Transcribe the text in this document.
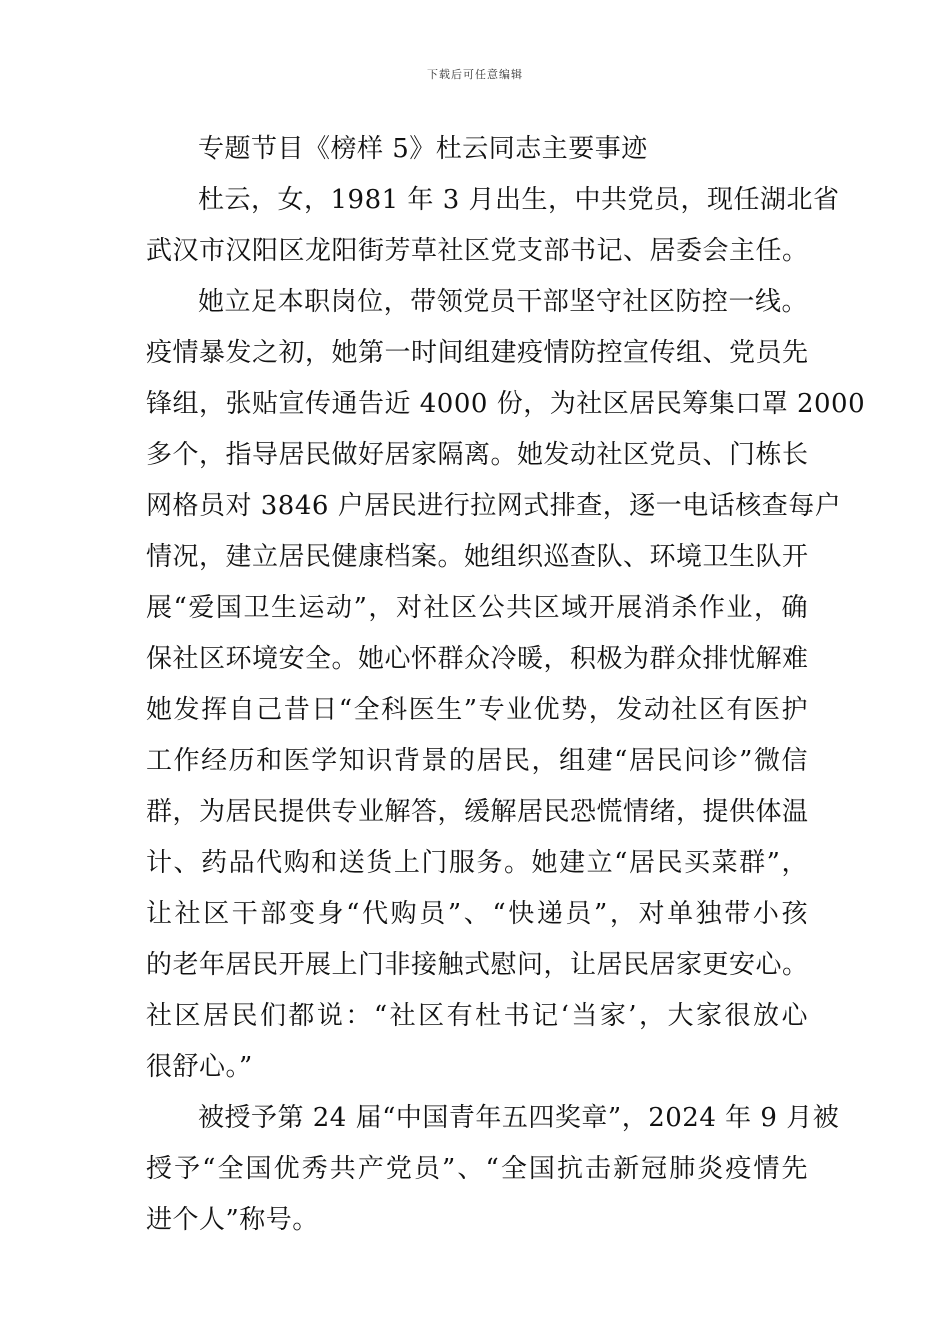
下载后可任意编辑
专题节目《榜样 5》杜云同志主要事迹
杜云，女，1981 年 3 月出生，中共党员，现任湖北省
武汉市汉阳区龙阳街芳草社区党支部书记、居委会主任。
她立足本职岗位，带领党员干部坚守社区防控一线。
疫情暴发之初，她第一时间组建疫情防控宣传组、党员先
锋组，张贴宣传通告近 4000 份，为社区居民筹集口罩 2000
多个，指导居民做好居家隔离。她发动社区党员、门栋长
网格员对 3846 户居民进行拉网式排查，逐一电话核查每户
情况，建立居民健康档案。她组织巡查队、环境卫生队开
展“爱国卫生运动”，对社区公共区域开展消杀作业，确
保社区环境安全。她心怀群众冷暖，积极为群众排忧解难
她发挥自己昔日“全科医生”专业优势，发动社区有医护
工作经历和医学知识背景的居民，组建“居民问诊”微信
群，为居民提供专业解答，缓解居民恐慌情绪，提供体温
计、药品代购和送货上门服务。她建立“居民买菜群”，
让社区干部变身“代购员”、“快递员”，对单独带小孩
的老年居民开展上门非接触式慰问，让居民居家更安心。
社区居民们都说：“社区有杜书记‘当家’，大家很放心
很舒心。”
被授予第 24 届“中国青年五四奖章”，2024 年 9 月被
授予“全国优秀共产党员”、“全国抗击新冠肺炎疫情先
进个人”称号。
